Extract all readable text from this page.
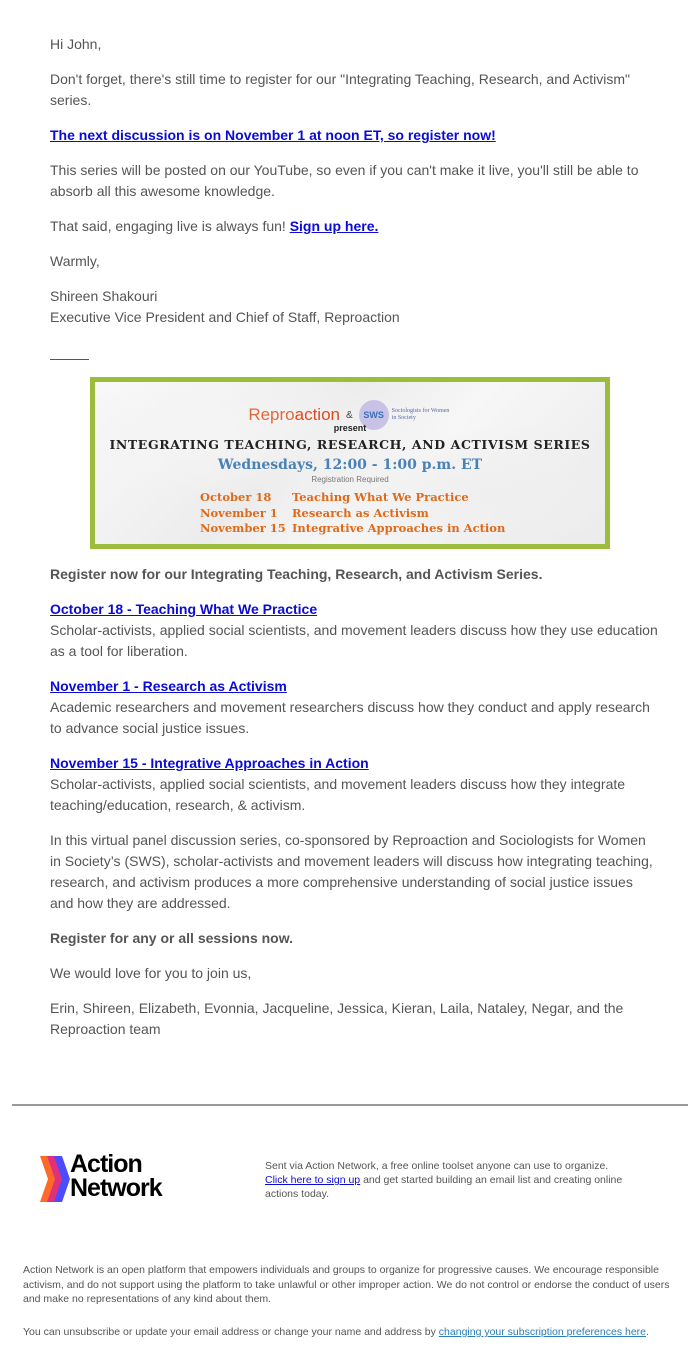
Hi John,

Don't forget, there's still time to register for our "Integrating Teaching, Research, and Activism" series.

The next discussion is on November 1 at noon ET, so register now!

This series will be posted on our YouTube, so even if you can't make it live, you'll still be able to absorb all this awesome knowledge.

That said, engaging live is always fun! Sign up here.

Warmly,

Shireen Shakouri

Executive Vice President and Chief of Staff, Reproaction

Register now for our Integrating Teaching, Research, and Activism Series.

October 18 - Teaching What We Practice
Scholar-activists, applied social scientists, and movement leaders discuss how they use education as a tool for liberation.

November 1 - Research as Activism
Academic researchers and movement researchers discuss how they conduct and apply research to advance social justice issues.

November 15 - Integrative Approaches in Action
Scholar-activists, applied social scientists, and movement leaders discuss how they integrate teaching/education, research, & activism.

In this virtual panel discussion series, co-sponsored by Reproaction and Sociologists for Women in Society’s (SWS), scholar-activists and movement leaders will discuss how integrating teaching, research, and activism produces a more comprehensive understanding of social justice issues and how they are addressed.

Register for any or all sessions now.

We would love for you to join us,

Erin, Shireen, Elizabeth, Evonnia, Jacqueline, Jessica, Kieran, Laila, Nataley, Negar, and the Reproaction team

Reproaction & SWS Sociologists for Women in Society
present
INTEGRATING TEACHING, RESEARCH, AND ACTIVISM SERIES
Wednesdays, 12:00 - 1:00 p.m. ET
Registration Required
October 18 Teaching What We Practice
November 1 Research as Activism
November 15 Integrative Approaches in Action
Action
Network
Sent via Action Network, a free online toolset anyone can use to organize.
Click here to sign up and get started building an email list and creating online actions today.
Action Network is an open platform that empowers individuals and groups to organize for progressive causes. We encourage responsible activism, and do not support using the platform to take unlawful or other improper action. We do not control or endorse the conduct of users and make no representations of any kind about them.
You can unsubscribe or update your email address or change your name and address by changing your subscription preferences here.
